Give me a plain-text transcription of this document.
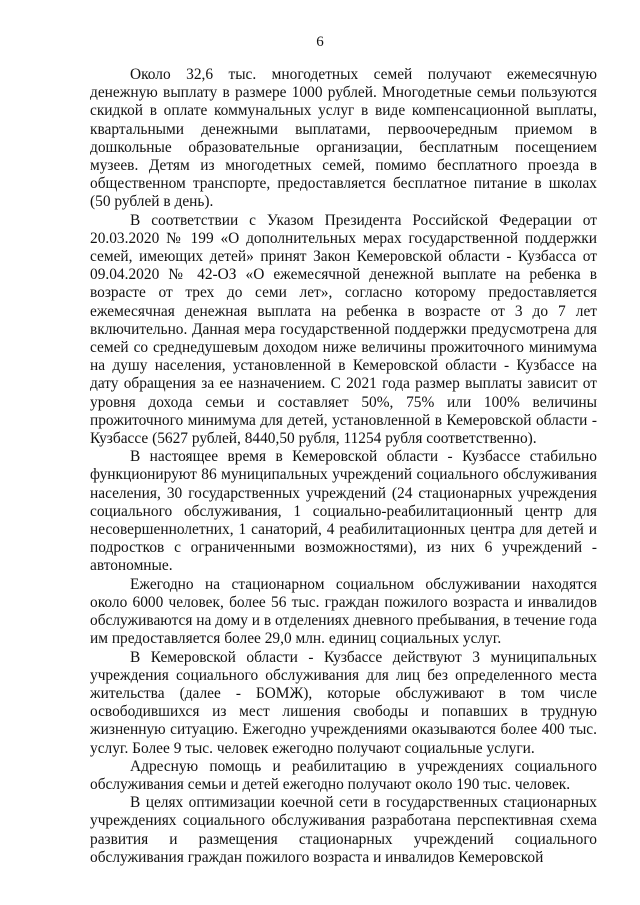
6

Около 32,6 тыс. многодетных семей получают ежемесячную денежную выплату в размере 1000 рублей. Многодетные семьи пользуются скидкой в оплате коммунальных услуг в виде компенсационной выплаты, квартальными денежными выплатами, первоочередным приемом в дошкольные образовательные организации, бесплатным посещением музеев. Детям из многодетных семей, помимо бесплатного проезда в общественном транспорте, предоставляется бесплатное питание в школах (50 рублей в день).

В соответствии с Указом Президента Российской Федерации от 20.03.2020 № 199 «О дополнительных мерах государственной поддержки семей, имеющих детей» принят Закон Кемеровской области - Кузбасса от 09.04.2020 № 42-ОЗ «О ежемесячной денежной выплате на ребенка в возрасте от трех до семи лет», согласно которому предоставляется ежемесячная денежная выплата на ребенка в возрасте от 3 до 7 лет включительно. Данная мера государственной поддержки предусмотрена для семей со среднедушевым доходом ниже величины прожиточного минимума на душу населения, установленной в Кемеровской области - Кузбассе на дату обращения за ее назначением. С 2021 года размер выплаты зависит от уровня дохода семьи и составляет 50%, 75% или 100% величины прожиточного минимума для детей, установленной в Кемеровской области - Кузбассе (5627 рублей, 8440,50 рубля, 11254 рубля соответственно).

В настоящее время в Кемеровской области - Кузбассе стабильно функционируют 86 муниципальных учреждений социального обслуживания населения, 30 государственных учреждений (24 стационарных учреждения социального обслуживания, 1 социально-реабилитационный центр для несовершеннолетних, 1 санаторий, 4 реабилитационных центра для детей и подростков с ограниченными возможностями), из них 6 учреждений - автономные.

Ежегодно на стационарном социальном обслуживании находятся около 6000 человек, более 56 тыс. граждан пожилого возраста и инвалидов обслуживаются на дому и в отделениях дневного пребывания, в течение года им предоставляется более 29,0 млн. единиц социальных услуг.

В Кемеровской области - Кузбассе действуют 3 муниципальных учреждения социального обслуживания для лиц без определенного места жительства (далее - БОМЖ), которые обслуживают в том числе освободившихся из мест лишения свободы и попавших в трудную жизненную ситуацию. Ежегодно учреждениями оказываются более 400 тыс. услуг. Более 9 тыс. человек ежегодно получают социальные услуги.

Адресную помощь и реабилитацию в учреждениях социального обслуживания семьи и детей ежегодно получают около 190 тыс. человек.

В целях оптимизации коечной сети в государственных стационарных учреждениях социального обслуживания разработана перспективная схема развития и размещения стационарных учреждений социального обслуживания граждан пожилого возраста и инвалидов Кемеровской
